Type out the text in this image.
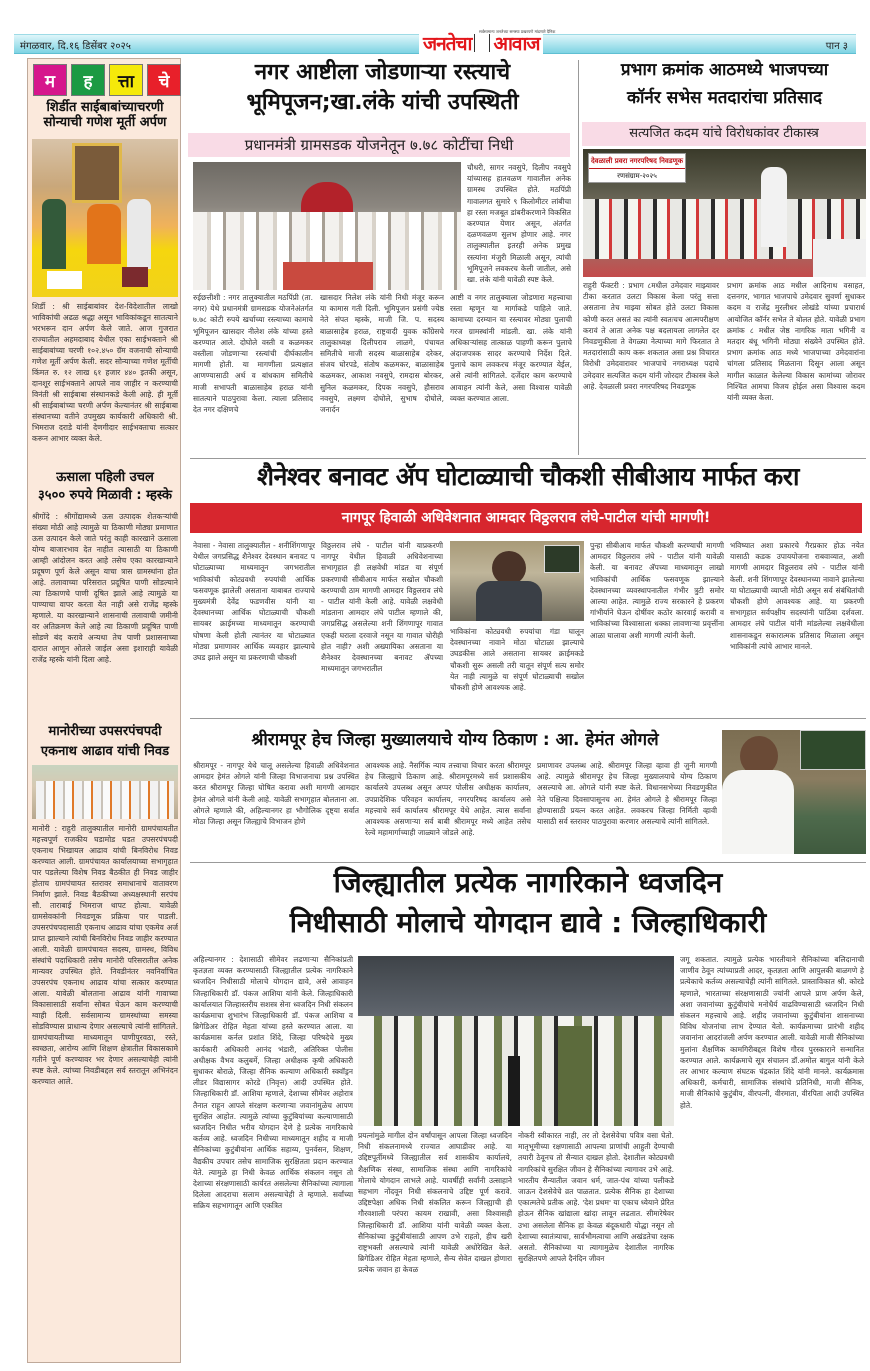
मंगळवार, दि.१६ डिसेंबर २०२५	जनतेचा आवाज
सर्वसामान्य जनतेच्या समस्या प्रखरपणे मांडणारे दैनिक
पान ३
म	ह	त्ता	चे
शिर्डीत साईबाबांच्याचरणी सोन्याची गणेश मूर्ती अर्पण
शिर्डी : श्री साईबाबांवर देश-विदेशातील लाखो भाविकांची अढळ श्रद्धा असून भाविकांकडून सातत्याने भरभरून दान अर्पण केले जाते. आज गुजरात राज्यातील अहमदाबाद येथील एका साईभक्ताने श्री साईबाबांच्या चरणी १०२.४५० ग्रॅम वजनाची सोन्याची गणेश मूर्ती अर्पण केली. सदर सोन्याच्या गणेश मूर्तीची किंमत रु. १२ लाख ६१ हजार ४४० इतकी असून, दानशूर साईभक्ताने आपले नाव जाहीर न करण्याची विनंती श्री साईबाबा संस्थानकडे केली आहे. ही मूर्ती श्री साईबाबांच्या चरणी अर्पण केल्यानंतर श्री साईबाबा संस्थानच्या वतीने उपमुख्य कार्यकारी अधिकारी श्री. भिमराज दराडे यांनी देणगीदार साईभक्ताचा सत्कार करून आभार व्यक्त केले.
ऊसाला पहिली उचल
३५०० रुपये मिळावी : म्हस्के
श्रीगोंदे : श्रीगोंद्यामध्ये ऊस उत्पादक शेतकऱ्यांची संख्या मोठी आहे त्यामुळे या ठिकाणी मोठ्या प्रमाणात ऊस उत्पादन केले जाते परंतु काही कारखाने ऊसाला योग्य बाजारभाव देत नाहीत त्यासाठी या ठिकाणी आम्ही आंदोलन करत आहे तसेच एका कारखान्याने प्रदूषण पूर्ण केले असून याचा त्रास ग्रामस्थांना होत आहे. तलावाच्या परिसरात प्रदूषित पाणी सोडल्याने त्या ठिकाणचे पाणी दूषित झाले आहे त्यामुळे या पाण्याचा वापर करता येत नाही असे राजेंद्र म्हस्के म्हणाले. या कारखान्याने शासनाची तलावाची जमीनी वर अतिक्रमण केले आहे त्या ठिकाणी प्रदूषित पाणी सोडणे बंद करावे अन्यथा तेच पाणी प्रशासनाच्या दारात आणून ओतले जाईल असा इशाराही यावेळी राजेंद्र म्हस्के यांनी दिला आहे.
मानोरीच्या उपसरपंचपदी
एकनाथ आढाव यांची निवड
मानोरी : राहुरी तालुक्यातील मानोरी ग्रामपंचायतीत महत्त्वपूर्ण राजकीय घडामोड घडत उपसरपंचपदी एकनाथ भिखायल आढाव यांची बिनविरोध निवड करण्यात आली. ग्रामपंचायत कार्यालयाच्या सभागृहात पार पडलेल्या विशेष निवड बैठकीत ही निवड जाहीर होताच ग्रामपंचायत स्तरावर समाधानाचे वातावरण निर्माण झाले. निवड बैठकीच्या अध्यक्षस्थानी सरपंच सौ. ताराबाई भिमराज थापट होत्या. यावेळी ग्रामसेवकांनी निवडणूक प्रक्रिया पार पाडली. उपसरपंचपदासाठी एकनाथ आढाव यांचा एकमेव अर्ज प्राप्त झाल्याने त्यांची बिनविरोध निवड जाहीर करण्यात आली. यावेळी ग्रामपंचायत सदस्य, ग्रामस्थ, विविध संस्थांचे पदाधिकारी तसेच मानोरी परिसरातील अनेक मान्यवर उपस्थित होते. निवडीनंतर नवनिर्वाचित उपसरपंच एकनाथ आढाव यांचा सत्कार करण्यात आला. यावेळी बोलताना आढाव यांनी गावाच्या विकासासाठी सर्वांना सोबत घेऊन काम करण्याची ग्वाही दिली. सर्वसामान्य ग्रामस्थांच्या समस्या सोडविण्यास प्राधान्य देणार असल्याचे त्यांनी सांगितले. ग्रामपंचायतीच्या माध्यमातून पाणीपुरवठा, रस्ते, स्वच्छता, आरोग्य आणि शिक्षण क्षेत्रातील विकासकामे गतीने पूर्ण करण्यावर भर देणार असल्याचेही त्यांनी स्पष्ट केले. त्यांच्या निवडीबद्दल सर्व स्तरातून अभिनंदन करण्यात आले.
नगर आष्टीला जोडणाऱ्या रस्त्याचे
भूमिपूजन;खा.लंके यांची उपस्थिती
प्रधानमंत्री ग्रामसडक योजनेतून ७.७८ कोटींचा निधी
चौधरी, सागर नवसुपे, दिलीप नवसुपे यांच्यासह हातवळण गावातील अनेक ग्रामस्थ उपस्थित होते. मठपिंप्री गावालगत सुमारे ९ किलोमीटर लांबीचा हा रस्ता मजबूत डांबरीकरणाने विकसित करण्यात येणार असून, अंतर्गत दळणवळण सुलभ होणार आहे. नगर तालुक्यातील इतरही अनेक प्रमुख रस्त्यांना मंजुरी मिळाली असून, त्यांची भूमिपूजने लवकरच केली जातील, असे खा. लंके यांनी यावेळी स्पष्ट केले.
रुईछत्तीशी : नगर तालुक्यातील मठपिंप्री (ता. नगर) येथे प्रधानमंत्री ग्रामसडक योजनेअंतर्गत ७.७८ कोटी रुपये खर्चाच्या रस्त्याच्या कामाचे भूमिपूजन खासदार नीलेश लंके यांच्या हस्ते करण्यात आले. दोघोले वस्ती व कळमकर वस्तीला जोडणाऱ्या रस्त्यांची दीर्घकालीन मागणी होती. या मागणीला प्रत्यक्षात आणण्यासाठी अर्थ व बांधकाम समितीचे माजी सभापती बाळासाहेब हराळ यांनी सातत्याने पाठपुरावा केला. त्याला प्रतिसाद देत नगर दक्षिणचे
खासदार निलेश लंके यांनी निधी मंजूर करून या कामास गती दिली. भूमिपूजन प्रसंगी ज्येष्ठ नेते संपत म्हस्के, माजी जि. प. सदस्य बाळासाहेब हराळ, राष्ट्रवादी युवक कॉंग्रेसचे तालुकाध्यक्ष दिलीपराव लाळगे, पंचायत समितीचे माजी सदस्य बाळासाहेब दरेकर, संजय घोरपडे, संतोष कळमकर, बाळासाहेब कळमकर, आकाश नवसुपे, रामदास बोरकर, सुनिल कळमकर, दिपक नवसुपे, हौसराव नवसुपे, लक्ष्मण दोघोले, सुभाष दोघोले, जनार्दन
आष्टी व नगर तालुक्याला जोडणारा महत्त्वाचा रस्ता म्हणून या मार्गाकडे पाहिले जाते. कामाच्या दरम्यान या रस्त्यावर मोठ्या पुलाची गरज ग्रामस्थांनी मांडली. खा. लंके यांनी अधिकाऱ्यांसह तात्काळ पाहणी करून पुलाचे अंदाजपत्रक सादर करण्याचे निर्देश दिले. पुलाचे काम लवकरच मंजूर करण्यात येईल, असे त्यांनी सांगितले. दर्जेदार काम करण्याचे आवाहन त्यांनी केले, असा विश्वास यावेळी व्यक्त करण्यात आला.
प्रभाग क्रमांक आठमध्ये भाजपच्या
कॉर्नर सभेस मतदारांचा प्रतिसाद
सत्यजित कदम यांचे विरोधकांवर टीकास्त्र
देवळाली प्रवरा नगरपरिषद निवडणूक
रणसंग्राम-२०२५
राहुरी फॅक्टरी : प्रभाग ८मधील उमेदवार माझ्यावर टीका करतात उलटा विकास केला परंतु सत्ता असताना तेच माझ्या सोबत होते उलटा विकास कोणी करत असतं का त्यांनी स्वतःचच आत्मपरीक्षण करावं ते आता अनेक पक्ष बदलायला लागलेत दर निवडणुकीला ते वेगळ्या नेत्याच्या मागे फिरतात ते मतदारांसाठी काय करू शकतात असा प्रश्न विचारत विरोधी उमेदवारावर भाजपाचे नगराध्यक्ष पदाचे उमेदवार सत्यजित कदम यांनी जोरदार टीकास्त्र केले आहे. देवळाली प्रवरा नगरपरिषद निवडणूक
प्रभाग क्रमांक आठ मधील आदिनाथ वसाहत, दत्तनगर, भागात भाजपाचे उमेदवार सुवर्णा सुधाकर कदम व राजेंद्र मुरलीधर लोखंडे यांच्या प्रचारार्थ आयोजित कॉर्नर सभेत ते बोलत होते. यावेळी प्रभाग क्रमांक ८ मधील जेष्ठ नागरिक माता भगिनी व मतदार बंधू भगिनी मोठ्या संख्येने उपस्थित होते. प्रभाग क्रमांक आठ मध्ये भाजपाच्या उमेदवारांना चांगला प्रतिसाद मिळताना दिसून आला असून मागील काळात केलेल्या विकास कामांच्या जोरावर निश्चित आमचा विजय होईल असा विश्वास कदम यांनी व्यक्त केला.
शैनेश्वर बनावट ॲप घोटाळ्याची चौकशी सीबीआय मार्फत करा
नागपूर हिवाळी अधिवेशनात आमदार विठ्ठलराव लंघे-पाटील यांची मागणी!
नेवासा - नेवासा तालुक्यातील - शनीशिंगणापूर येथील जगप्रसिद्ध शैनेश्वर देवस्थान बनावट प घोटाळ्याच्या माध्यमातून जगभरातील भाविकांची कोट्यवधी रुपयांची आर्थिक फसवणूक झालेली असताना याबाबत राज्याचे मुख्यमंत्री देवेंद्र फडणवीस यांनी या देवस्थानच्या आर्थिक घोटाळ्याची चौकशी सायबर क्राईमच्या माध्यमातून करण्याची घोषणा केली होती त्यानंतर या घोटाळ्यात मोठ्या प्रमाणावर आर्थिक व्यवहार झाल्याचे उघड झाले असून या प्रकरणाची चौकशी
विठ्ठलराव लंघे - पाटील यांनी याप्रकरणी नागपूर येथील हिवाळी अधिवेशनाच्या सभागृहात ही लक्षवेधी मांडत या संपूर्ण प्रकरणाची सीबीआय मार्फत सखोल चौकशी करण्याची ठाम मागणी आमदार विठ्ठलराव लंघे - पाटील यांनी केली आहे. यावेळी लक्षवेधी मांडताना आमदार लंघे पाटील म्हणाले की, जगप्रसिद्ध असलेल्या शनी शिंगणापूर गावात एकही घराला दरवाजे नसून या गावात चोरीही होत नाही? अशी अख्यायिका असताना या शैनेश्वर देवस्थानच्या बनावट ॲपच्या माध्यमातून जगभरातील
भाविकांना कोट्यवधी रुपयांचा गंडा घालून देवस्थानच्या नावाने मोठा घोटाळा झाल्याचे उघडकीस आले असताना सायबर क्राईमकडे चौकशी सुरू असली तरी यातून संपूर्ण सत्य समोर येत नाही त्यामुळे या संपूर्ण घोटाळ्याची सखोल चौकशी होणे आवश्यक आहे.
पुन्हा सीबीआय मार्फत चौकशी करण्याची मागणी आमदार विठ्ठलराव लंघे - पाटील यांनी यावेळी केली. या बनावट ॲपच्या माध्यमातून लाखो भाविकांची आर्थिक फसवणूक झाल्याने देवस्थानच्या व्यवस्थापनातील गंभीर त्रुटी समोर आल्या आहेत. त्यामुळे राज्य सरकारने हे प्रकरण गांभीर्याने घेऊन दोषींवर कठोर कारवाई करावी व भाविकांच्या विश्वासाला धक्का लावणाऱ्या प्रवृत्तींना आळा घालावा अशी मागणी त्यांनी केली.
भविष्यात अशा प्रकारचे गैरप्रकार होऊ नयेत यासाठी कडक उपाययोजना राबवाव्यात, अशी मागणी आमदार विठ्ठलराव लंघे - पाटील यांनी केली. शनी शिंगणापूर देवस्थानच्या नावाने झालेल्या या घोटाळ्याची व्याप्ती मोठी असून सर्व संबंधितांची चौकशी होणे आवश्यक आहे. या प्रकरणी सभागृहात सर्वपक्षीय सदस्यांनी पाठिंबा दर्शवला. आमदार लंघे पाटील यांनी मांडलेल्या लक्षवेधीला शासनाकडून सकारात्मक प्रतिसाद मिळाला असून भाविकांनी त्यांचे आभार मानले.
श्रीरामपूर हेच जिल्हा मुख्यालयाचे योग्य ठिकाण : आ. हेमंत ओगले
श्रीरामपूर - नागपूर येथे चालू असलेल्या हिवाळी अधिवेशनात आमदार हेमंत ओगले यांनी जिल्हा विभाजनाचा प्रश्न उपस्थित करत श्रीरामपूर जिल्हा घोषित करावा अशी मागणी आमदार हेमंत ओगले यांनी केली आहे. यावेळी सभागृहात बोलताना आ. ओगले म्हणाले की, अहिल्यानगर हा भौगोलिक दृष्ट्या सर्वात मोठा जिल्हा असून जिल्ह्याचे विभाजन होणे
आवश्यक आहे. नैसर्गिक न्याय तत्त्वाचा विचार करता श्रीरामपूर हेच जिल्ह्याचे ठिकाण आहे. श्रीरामपूरमध्ये सर्व प्रशासकीय कार्यालये उपलब्ध असून अप्पर पोलीस अधीक्षक कार्यालय, उपप्रादेशिक परिवहन कार्यालय, नगरपरिषद कार्यालय असे महत्त्वाचे सर्व कार्यालय श्रीरामपूर येथे आहेत. त्यास सर्वांना आवश्यक असणाऱ्या सर्व बाबी श्रीरामपूर मध्ये आहेत तसेच रेल्वे महामार्गाच्याही जाळ्याने जोडले आहे.
प्रमाणावर उपलब्ध आहे. श्रीरामपूर जिल्हा व्हावा ही जुनी मागणी आहे. त्यामुळे श्रीरामपूर हेच जिल्हा मुख्यालयाचे योग्य ठिकाण असल्याचे आ. ओगले यांनी स्पष्ट केले. विधानसभेच्या निवडणुकीत नेते पक्षित्या दिवसापासूनच आ. हेमंत ओगले हे श्रीरामपूर जिल्हा होण्यासाठी प्रयत्न करत आहेत. लवकरच जिल्हा निर्मिती व्हावी यासाठी सर्व स्तरावर पाठपुरावा करणार असल्याचे त्यांनी सांगितले.
जिल्ह्यातील प्रत्येक नागरिकाने ध्वजदिन
निधीसाठी मोलाचे योगदान द्यावे : जिल्हाधिकारी
अहिल्यानगर : देशासाठी सीमेवर लढणाऱ्या सैनिकांप्रती कृतज्ञता व्यक्त करण्यासाठी जिल्ह्यातील प्रत्येक नागरिकाने ध्वजदिन निधीसाठी मोलाचे योगदान द्यावे, असे आवाहन जिल्हाधिकारी डॉ. पंकज आशिया यांनी केले. जिल्हाधिकारी कार्यालयात जिल्हास्तरीय सशस्त्र सेना ध्वजदिन निधी संकलन कार्यक्रमाचा शुभारंभ जिल्हाधिकारी डॉ. पंकज आशिया व ब्रिगेडिअर रोहित मेहता यांच्या हस्ते करण्यात आला. या कार्यक्रमास कर्नल प्रशांत शिंदे, जिल्हा परिषदेचे मुख्य कार्यकारी अधिकारी आनंद भंडारी, अतिरिक्त पोलीस अधीक्षक वैभव कलुबर्मे, जिल्हा अधीक्षक कृषी अधिकारी सुधाकर बोराळे, जिल्हा सैनिक कल्याण अधिकारी स्क्वॉड्रन लीडर विद्यासागर कोरडे (निवृत्त) आदी उपस्थित होते. जिल्हाधिकारी डॉ. आशिया म्हणाले, देशाच्या सीमेवर अहोरात्र तैनात राहून आपले संरक्षण करणाऱ्या जवानांमुळेच आपण सुरक्षित आहोत. त्यामुळे त्यांच्या कुटुंबियांच्या कल्याणासाठी ध्वजदिन निधीत भरीव योगदान देणे हे प्रत्येक नागरिकाचे कर्तव्य आहे. ध्वजदिन निधीच्या माध्यमातून शहीद व माजी सैनिकांच्या कुटुंबीयांना आर्थिक सहाय्य, पुनर्वसन, शिक्षण, वैद्यकीय उपचार तसेच सामाजिक सुरक्षितता प्रदान करण्यात येते. त्यामुळे हा निधी केवळ आर्थिक संकलन नसून तो देशाच्या संरक्षणासाठी कार्यरत असलेल्या सैनिकांच्या त्यागाला दिलेला आदराचा सलाम असल्याचेही ते म्हणाले. सर्वांच्या सक्रिय सहभागातून आणि एकत्रित
प्रयत्नांमुळे मागील दोन वर्षांपासून आपला जिल्हा ध्वजदिन निधी संकलनामध्ये राज्यात आघाडीवर आहे. या उद्दिष्टपूर्तीमध्ये जिल्ह्यातील सर्व शासकीय कार्यालये, शैक्षणिक संस्था, सामाजिक संस्था आणि नागरिकांचे मोलाचे योगदान लाभले आहे. यावर्षीही सर्वांनी उत्साहाने सहभाग नोंदवून निधी संकलनाचे उद्दिष्ट पूर्ण करावे. उद्दिष्टपेक्षा अधिक निधी संकलित करून जिल्ह्याची ही गौरवशाली परंपरा कायम राखावी, असा विश्वासही जिल्हाधिकारी डॉ. आशिया यांनी यावेळी व्यक्त केला. सैनिकांच्या कुटुंबीयांसाठी आपण उभे राहतो, हीच खरी राष्ट्रभक्ती असल्याचे त्यांनी यावेळी अधोरेखित केले. ब्रिगेडिअर रोहित मेहता म्हणाले, सैन्य सेवेत दाखल होणारा प्रत्येक जवान हा केवळ
नोकरी स्वीकारत नाही, तर तो देशसेवेचा पवित्र वसा घेतो. मातृभूमीच्या रक्षणासाठी आपल्या प्राणांची आहुती देण्याची तयारी ठेवूनच तो सैन्यात दाखल होतो. देशातील कोट्यवधी नागरिकांचे सुरक्षित जीवन हे सैनिकांच्या त्यागावर उभे आहे. भारतीय सैन्यातील जवान धर्म, जात-पंथ यांच्या पलीकडे जाऊन देशसेवेचे व्रत पाळतात. प्रत्येक सैनिक हा देशाच्या एकात्मतेचे प्रतीक आहे. 'देश प्रथम' या एकाच ध्येयाने प्रेरित होऊन सैनिक खांद्याला खांदा लावून लढतात. सीमारेषेवर उभा असलेला सैनिक हा केवळ बंदूकधारी योद्धा नसून तो देशाच्या स्वातंत्र्याचा, सार्वभौमत्वाचा आणि अखंडतेचा रक्षक असतो. सैनिकांच्या या त्यागामुळेच देशातील नागरिक सुरक्षितपणे आपले दैनंदिन जीवन
जगू शकतात. त्यामुळे प्रत्येक भारतीयाने सैनिकांच्या बलिदानाची जाणीव ठेवून त्यांच्याप्रती आदर, कृतज्ञता आणि आपुलकी बाळगणे हे प्रत्येकाचे कर्तव्य असल्याचेही त्यांनी सांगितले. प्रास्ताविकात श्री. कोरडे म्हणाले, भारताच्या संरक्षणासाठी ज्यांनी आपले प्राण अर्पण केले, अशा जवानांच्या कुटुंबीयांचे मनोधैर्य वाढविण्यासाठी ध्वजदिन निधी संकलन महत्त्वाचे आहे. शहीद जवानांच्या कुटुंबीयांना शासनाच्या विविध योजनांचा लाभ देण्यात येतो. कार्यक्रमाच्या प्रारंभी शहीद जवानांना आदरांजली अर्पण करण्यात आली. यावेळी माजी सैनिकांच्या मुलांना शैक्षणिक कामगिरीबद्दल विशेष गौरव पुरस्काराने सन्मानित करण्यात आले. कार्यक्रमाचे सूत्र संचालन डॉ.अमोल बागुल यांनी केले तर आभार कल्याण संघटक चंद्रकांत शिंदे यांनी मानले. कार्यक्रमास अधिकारी, कर्मचारी, सामाजिक संस्थांचे प्रतिनिधी, माजी सैनिक, माजी सैनिकांचे कुटुंबीय, वीरपत्नी, वीरमाता, वीरपिता आदी उपस्थित होते.
